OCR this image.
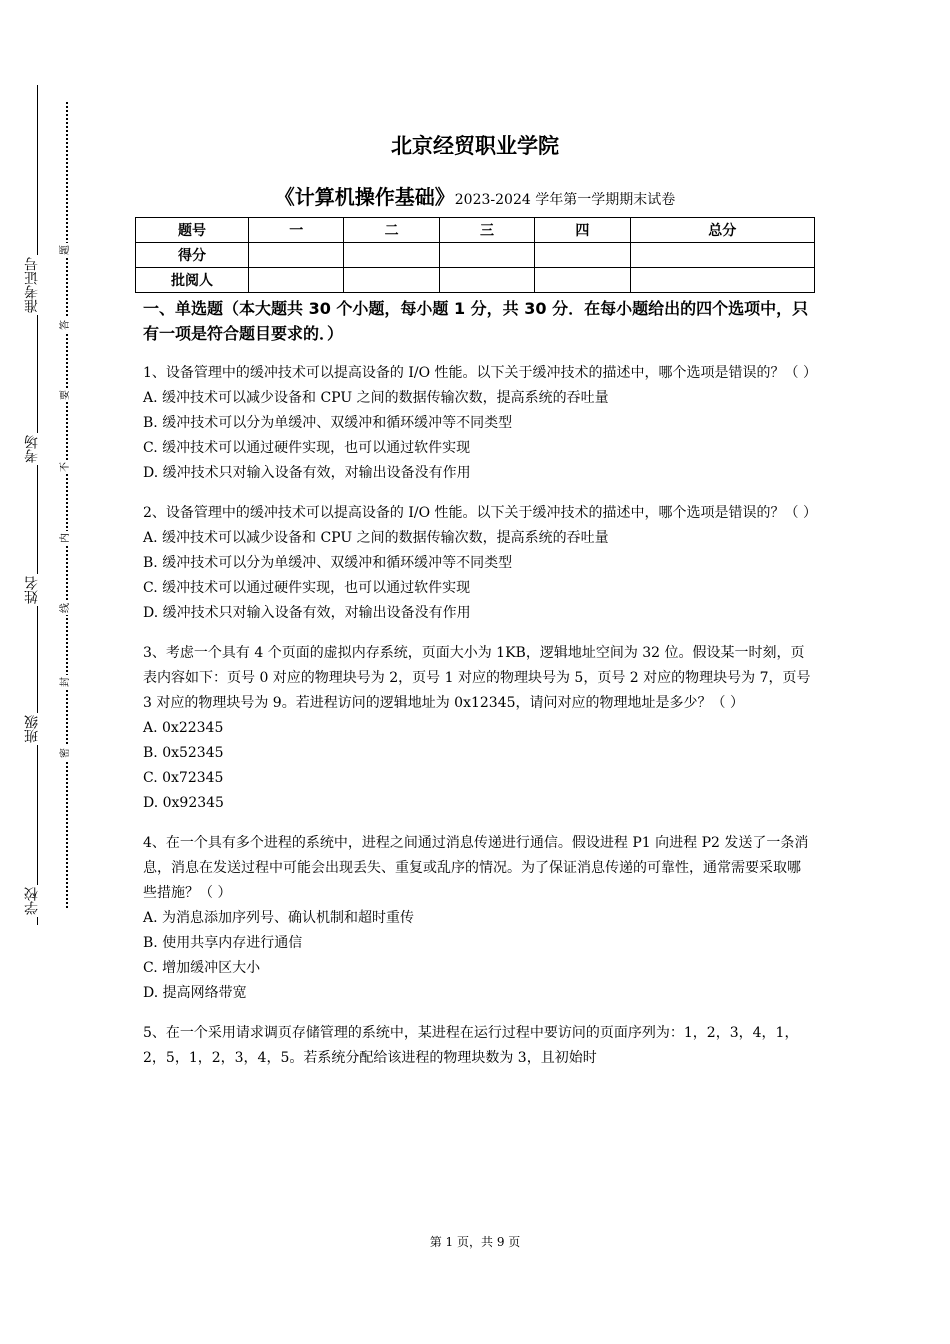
准考证号
考场
姓名
班级
学校
题
答
要
不
内
线
封
密
北京经贸职业学院
《计算机操作基础》2023-2024 学年第一学期期末试卷
题号	一	二	三	四	总分
得分					
批阅人					
一、单选题（本大题共 30 个小题，每小题 1 分，共 30 分．在每小题给出的四个选项中，只有一项是符合题目要求的．）
1、设备管理中的缓冲技术可以提高设备的 I/O 性能。以下关于缓冲技术的描述中，哪个选项是错误的？（ ）
A. 缓冲技术可以减少设备和 CPU 之间的数据传输次数，提高系统的吞吐量
B. 缓冲技术可以分为单缓冲、双缓冲和循环缓冲等不同类型
C. 缓冲技术可以通过硬件实现，也可以通过软件实现
D. 缓冲技术只对输入设备有效，对输出设备没有作用
2、设备管理中的缓冲技术可以提高设备的 I/O 性能。以下关于缓冲技术的描述中，哪个选项是错误的？（ ）
A. 缓冲技术可以减少设备和 CPU 之间的数据传输次数，提高系统的吞吐量
B. 缓冲技术可以分为单缓冲、双缓冲和循环缓冲等不同类型
C. 缓冲技术可以通过硬件实现，也可以通过软件实现
D. 缓冲技术只对输入设备有效，对输出设备没有作用
3、考虑一个具有 4 个页面的虚拟内存系统，页面大小为 1KB，逻辑地址空间为 32 位。假设某一时刻，页表内容如下：页号 0 对应的物理块号为 2，页号 1 对应的物理块号为 5，页号 2 对应的物理块号为 7，页号 3 对应的物理块号为 9。若进程访问的逻辑地址为 0x12345，请问对应的物理地址是多少？（ ）
A. 0x22345
B. 0x52345
C. 0x72345
D. 0x92345
4、在一个具有多个进程的系统中，进程之间通过消息传递进行通信。假设进程 P1 向进程 P2 发送了一条消息，消息在发送过程中可能会出现丢失、重复或乱序的情况。为了保证消息传递的可靠性，通常需要采取哪些措施？（ ）
A. 为消息添加序列号、确认机制和超时重传
B. 使用共享内存进行通信
C. 增加缓冲区大小
D. 提高网络带宽
5、在一个采用请求调页存储管理的系统中，某进程在运行过程中要访问的页面序列为：1，2，3，4，1，2，5，1，2，3，4，5。若系统分配给该进程的物理块数为 3，且初始时
第 1 页，共 9 页
